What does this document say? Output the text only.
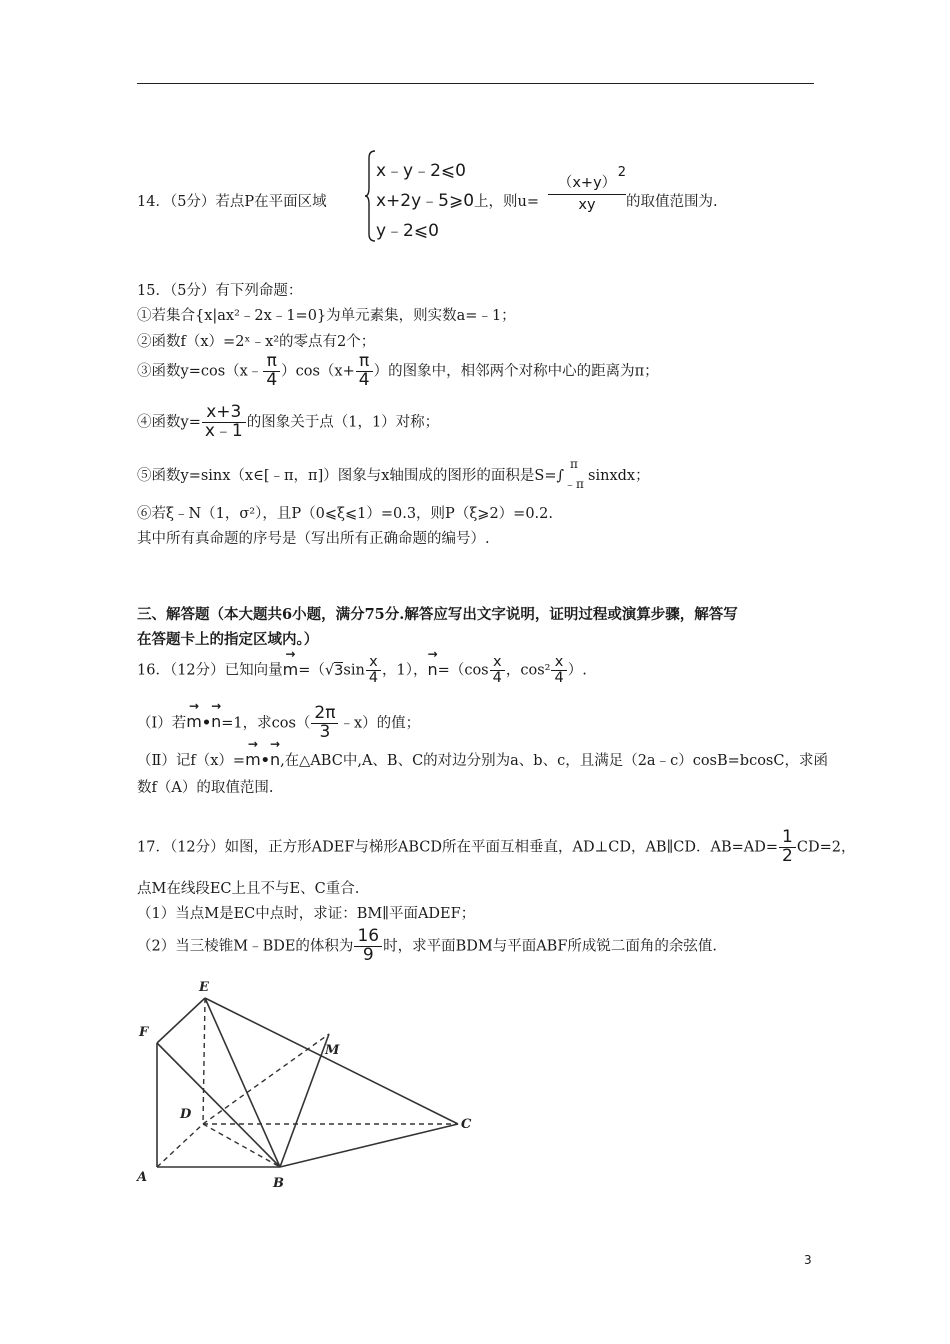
14．（5分）若点P在平面区域
x﹣y﹣2⩽0
x+2y﹣5⩾0
y﹣2⩽0
上，则u=
（x+y）
2
xy	的取值范围为.
15．（5分）有下列命题：
①若集合{x|ax²﹣2x﹣1=0}为单元素集，则实数a=﹣1；
②函数f（x）=2ˣ﹣x²的零点有2个；
③函数y=cos（x﹣ $\frac{\pi}{4} )\cos(x+ \frac{\pi}{4}$ ）的图象中，相邻两个对称中心的距离为π；
④函数$y= \frac{x+3}{x﹣1}$ 的图象关于点（1，1）对称；
⑤函数y=sinx（x∈[﹣π，π]）图象与x轴围成的图形的面积是S=∫
π
﹣π sinxdx；
⑥若ξ﹣N（1，σ²），且P（0⩽ξ⩽1）=0.3，则P（ξ⩾2）=0.2.
其中所有真命题的序号是（写出所有正确命题的编号）.
三、解答题（本大题共6小题，满分75分.解答应写出文字说明，证明过程或演算步骤，解答写
在答题卡上的指定区域内。）
16．（12分）已知向量→ $m=(√3\sin \frac{x}{4}$ ，1），→ $n=(\cos \frac{x}{4}$ ，$\cos^2 \frac{x}{4}$ ）.
（Ⅰ）若→ m•→ n=1，求$\cos( \frac{2\pi}{3}$ ﹣x）的值；
（Ⅱ）记f（x）=→ m•→ n,在△ABC中,A、B、C的对边分别为a、b、c，且满足（2a﹣c）cosB=bcosC，求函
数f（A）的取值范围.
17．（12分）如图，正方形ADEF与梯形ABCD所在平面互相垂直，AD⊥CD，AB∥CD．$AB=AD= \frac{1}{2} CD=2$，
点M在线段EC上且不与E、C重合.
（1）当点M是EC中点时，求证：BM∥平面ADEF；
（2）当三棱锥M﹣BDE的体积为 $\frac{16}{9}$ 时，求平面BDM与平面ABF所成锐二面角的余弦值.
E
F
M
D
C
A	B
3
